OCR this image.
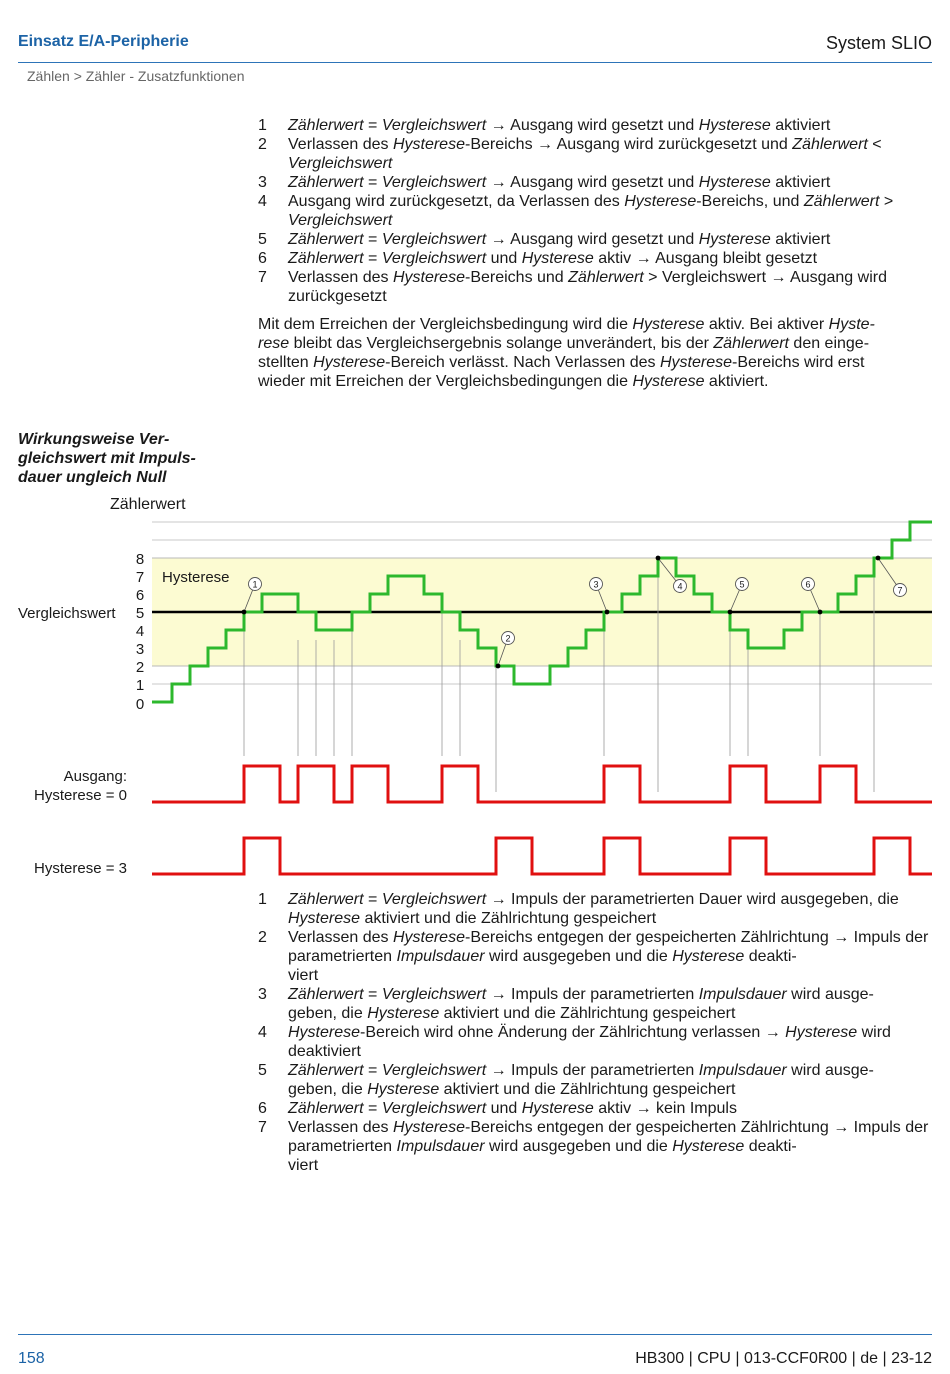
Einsatz E/A-Peripherie	System SLIO
Zählen > Zähler - Zusatzfunktionen
1 Zählerwert = Vergleichswert → Ausgang wird gesetzt und Hysterese aktiviert
2 Verlassen des Hysterese-Bereichs → Ausgang wird zurückgesetzt und Zählerwert < Vergleichswert
3 Zählerwert = Vergleichswert → Ausgang wird gesetzt und Hysterese aktiviert
4 Ausgang wird zurückgesetzt, da Verlassen des Hysterese-Bereichs, und Zählerwert > Vergleichswert
5 Zählerwert = Vergleichswert → Ausgang wird gesetzt und Hysterese aktiviert
6 Zählerwert = Vergleichswert und Hysterese aktiv → Ausgang bleibt gesetzt
7 Verlassen des Hysterese-Bereichs und Zählerwert > Vergleichswert → Ausgang wird zurückgesetzt

Mit dem Erreichen der Vergleichsbedingung wird die Hysterese aktiv. Bei aktiver Hyste-
rese bleibt das Vergleichsergebnis solange unverändert, bis der Zählerwert den einge-
stellten Hysterese-Bereich verlässt. Nach Verlassen des Hysterese-Bereichs wird erst
wieder mit Erreichen der Vergleichsbedingungen die Hysterese aktiviert.

Wirkungsweise Ver-
gleichswert mit Impuls-
dauer ungleich Null
Zählerwert
8
7
6
5
4
3
2
1
0
Hysterese
Vergleichswert
Ausgang:
Hysterese = 0
Hysterese = 3
1
2
3	4	5	6
7
1 Zählerwert = Vergleichswert → Impuls der parametrierten Dauer wird ausgegeben, die Hysterese aktiviert und die Zählrichtung gespeichert
2 Verlassen des Hysterese-Bereichs entgegen der gespeicherten Zählrichtung → Impuls der parametrierten Impulsdauer wird ausgegeben und die Hysterese deakti-
viert
3 Zählerwert = Vergleichswert → Impuls der parametrierten Impulsdauer wird ausge-
geben, die Hysterese aktiviert und die Zählrichtung gespeichert
4 Hysterese-Bereich wird ohne Änderung der Zählrichtung verlassen → Hysterese wird deaktiviert
5 Zählerwert = Vergleichswert → Impuls der parametrierten Impulsdauer wird ausge-
geben, die Hysterese aktiviert und die Zählrichtung gespeichert
6 Zählerwert = Vergleichswert und Hysterese aktiv → kein Impuls
7 Verlassen des Hysterese-Bereichs entgegen der gespeicherten Zählrichtung → Impuls der parametrierten Impulsdauer wird ausgegeben und die Hysterese deakti-
viert
158	HB300 | CPU | 013-CCF0R00 | de | 23-12
